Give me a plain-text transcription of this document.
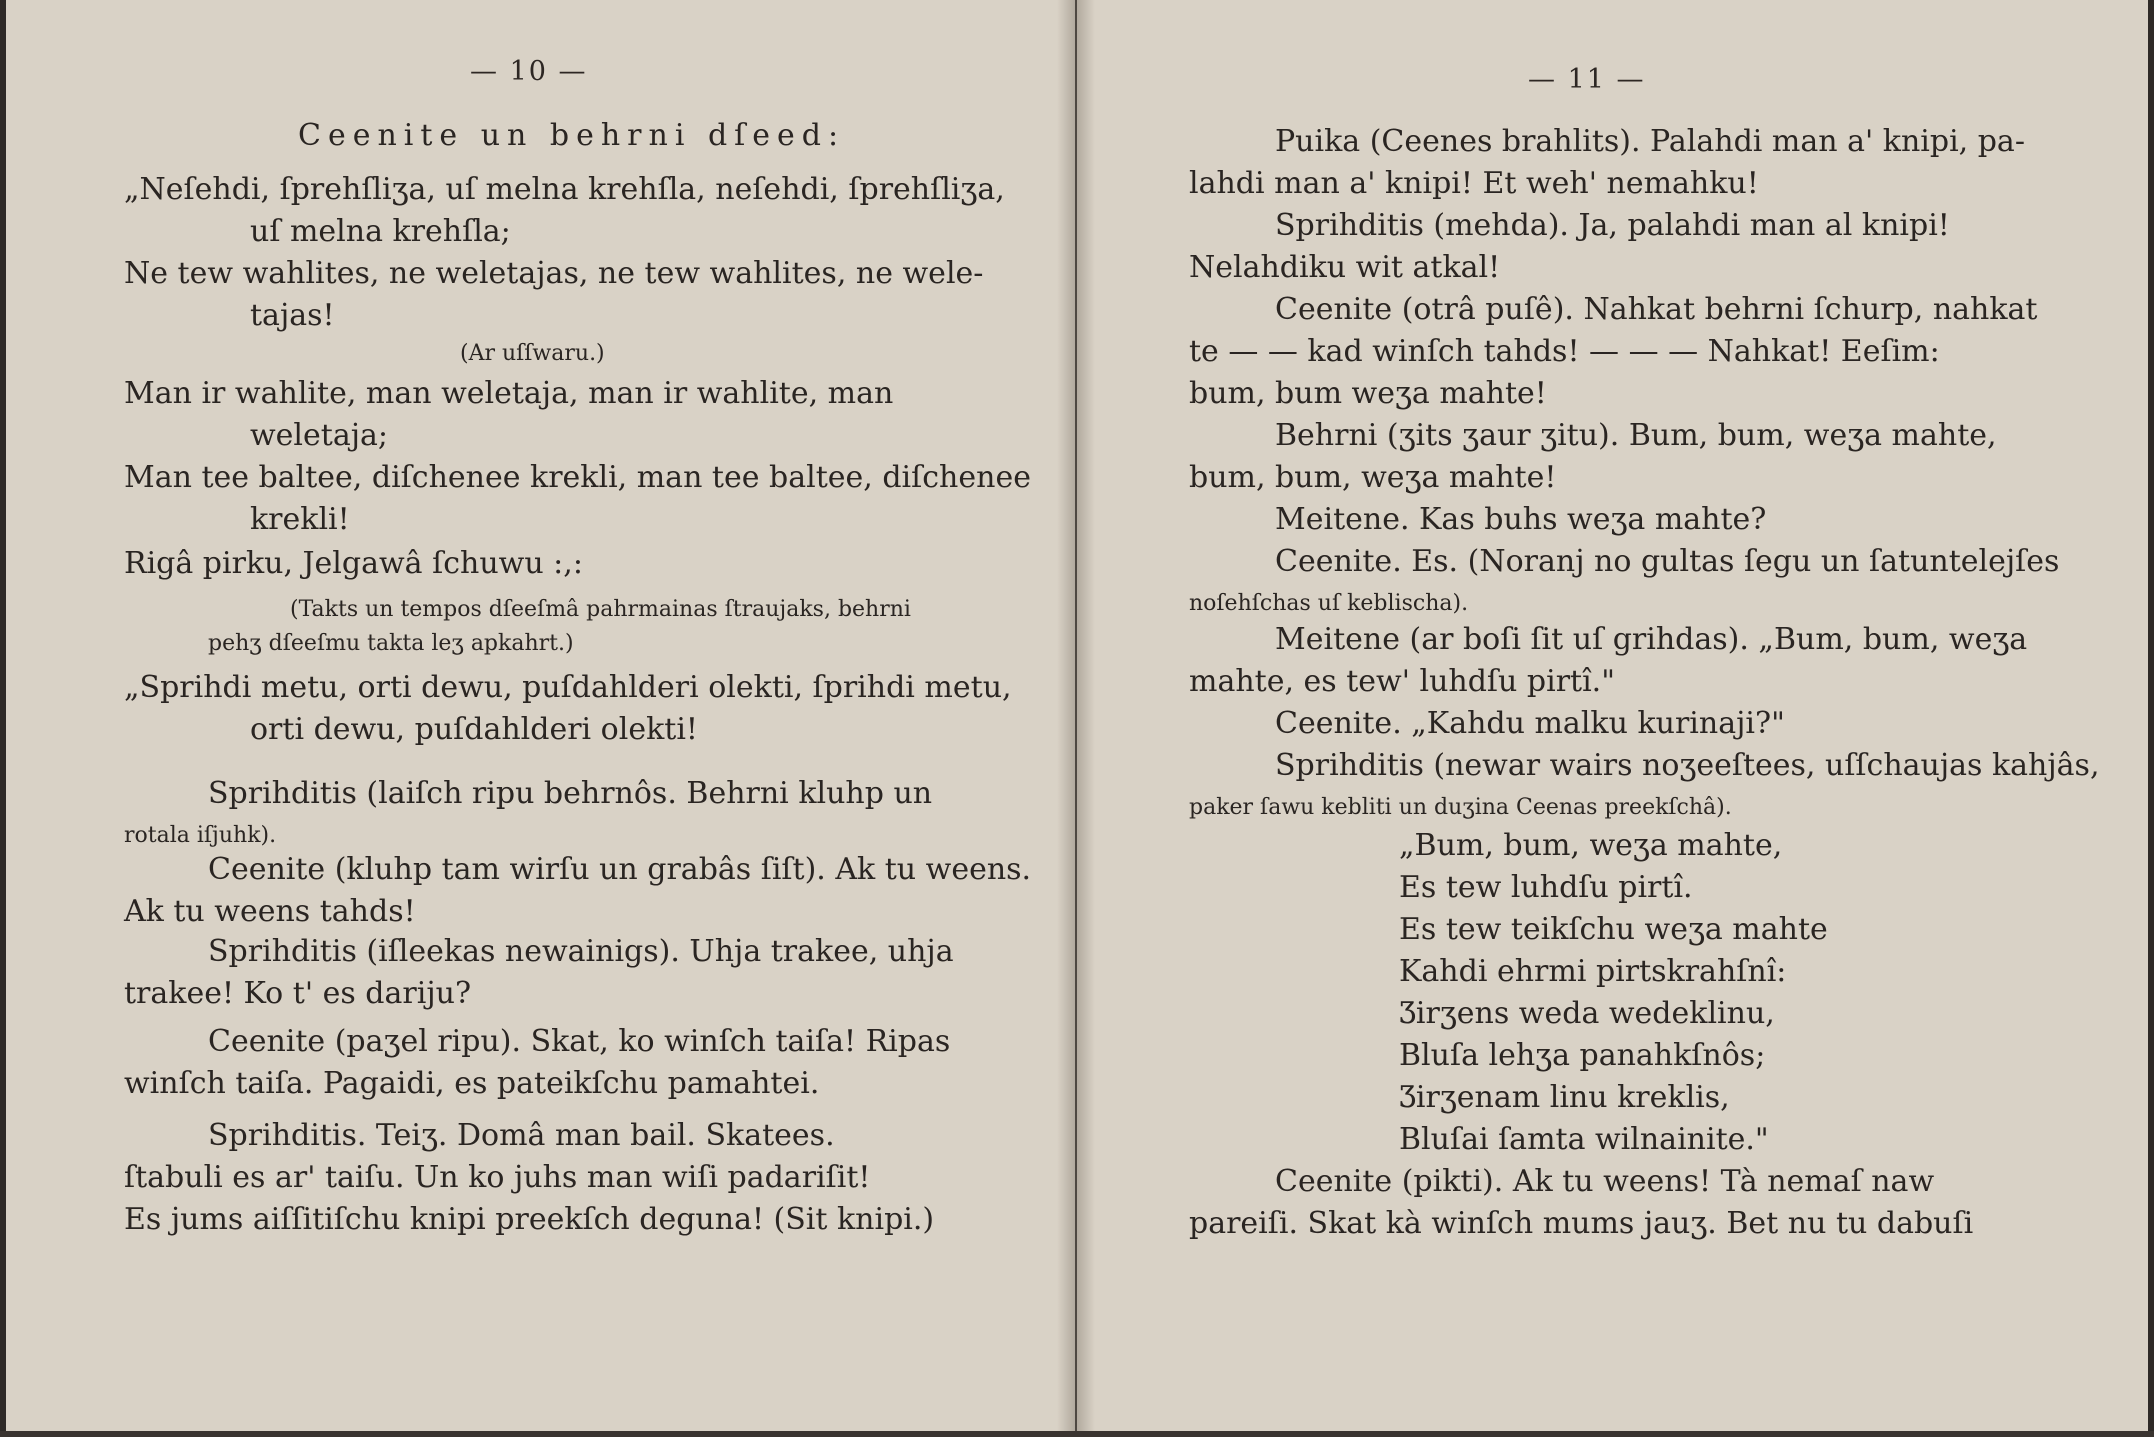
— 10 —
Ceenite un behrni dſeed:
„Neſehdi, ſprehſliʒa, uſ melna krehſla, neſehdi, ſprehſliʒa,
uſ melna krehſla;
Ne tew wahlites, ne weletajas, ne tew wahlites, ne wele-
tajas!
(Ar uſſwaru.)
Man ir wahlite, man weletaja, man ir wahlite, man
weletaja;
Man tee baltee, diſchenee krekli, man tee baltee, diſchenee
krekli!
Rigâ pirku, Jelgawâ ſchuwu :,:
(Takts un tempos dſeeſmâ pahrmainas ſtraujaks, behrni
pehʒ dſeeſmu takta leʒ apkahrt.)
„Sprihdi metu, orti dewu, puſdahlderi olekti, ſprihdi metu,
orti dewu, puſdahlderi olekti!
Sprihditis (laiſch ripu behrnôs. Behrni kluhp un
rotala iſjuhk).
Ceenite (kluhp tam wirſu un grabâs ſiſt). Ak tu weens.
Ak tu weens tahds!
Sprihditis (iſleekas newainigs). Uhja trakee, uhja
trakee! Ko t' es dariju?
Ceenite (paʒel ripu). Skat, ko winſch taiſa! Ripas
winſch taiſa. Pagaidi, es pateikſchu pamahtei.
Sprihditis. Teiʒ. Domâ man bail. Skatees.
ſtabuli es ar' taiſu. Un ko juhs man wiſi padariſit!
Es jums aiſſitiſchu knipi preekſch deguna! (Sit knipi.)
— 11 —
Puika (Ceenes brahlits). Palahdi man a' knipi, pa-
lahdi man a' knipi! Et weh' nemahku!
Sprihditis (mehda). Ja, palahdi man al knipi!
Nelahdiku wit atkal!
Ceenite (otrâ puſê). Nahkat behrni ſchurp, nahkat
te — — kad winſch tahds! — — — Nahkat! Eeſim:
bum, bum weʒa mahte!
Behrni (ʒits ʒaur ʒitu). Bum, bum, weʒa mahte,
bum, bum, weʒa mahte!
Meitene. Kas buhs weʒa mahte?
Ceenite. Es. (Noranj no gultas ſegu un ſatuntelejſes
noſehſchas uſ keblischa).
Meitene (ar boſi ſit uſ grihdas). „Bum, bum, weʒa
mahte, es tew' luhdſu pirtî."
Ceenite. „Kahdu malku kurinaji?"
Sprihditis (newar wairs noʒeeſtees, uſſchaujas kahjâs,
paker ſawu kebliti un duʒina Ceenas preekſchâ).
„Bum, bum, weʒa mahte,
Es tew luhdſu pirtî.
Es tew teikſchu weʒa mahte
Kahdi ehrmi pirtskrahſnî:
Ʒirʒens weda wedeklinu,
Bluſa lehʒa panahkſnôs;
Ʒirʒenam linu kreklis,
Bluſai ſamta wilnainite."
Ceenite (pikti). Ak tu weens! Tà nemaſ naw
pareiſi. Skat kà winſch mums jauʒ. Bet nu tu dabuſi
